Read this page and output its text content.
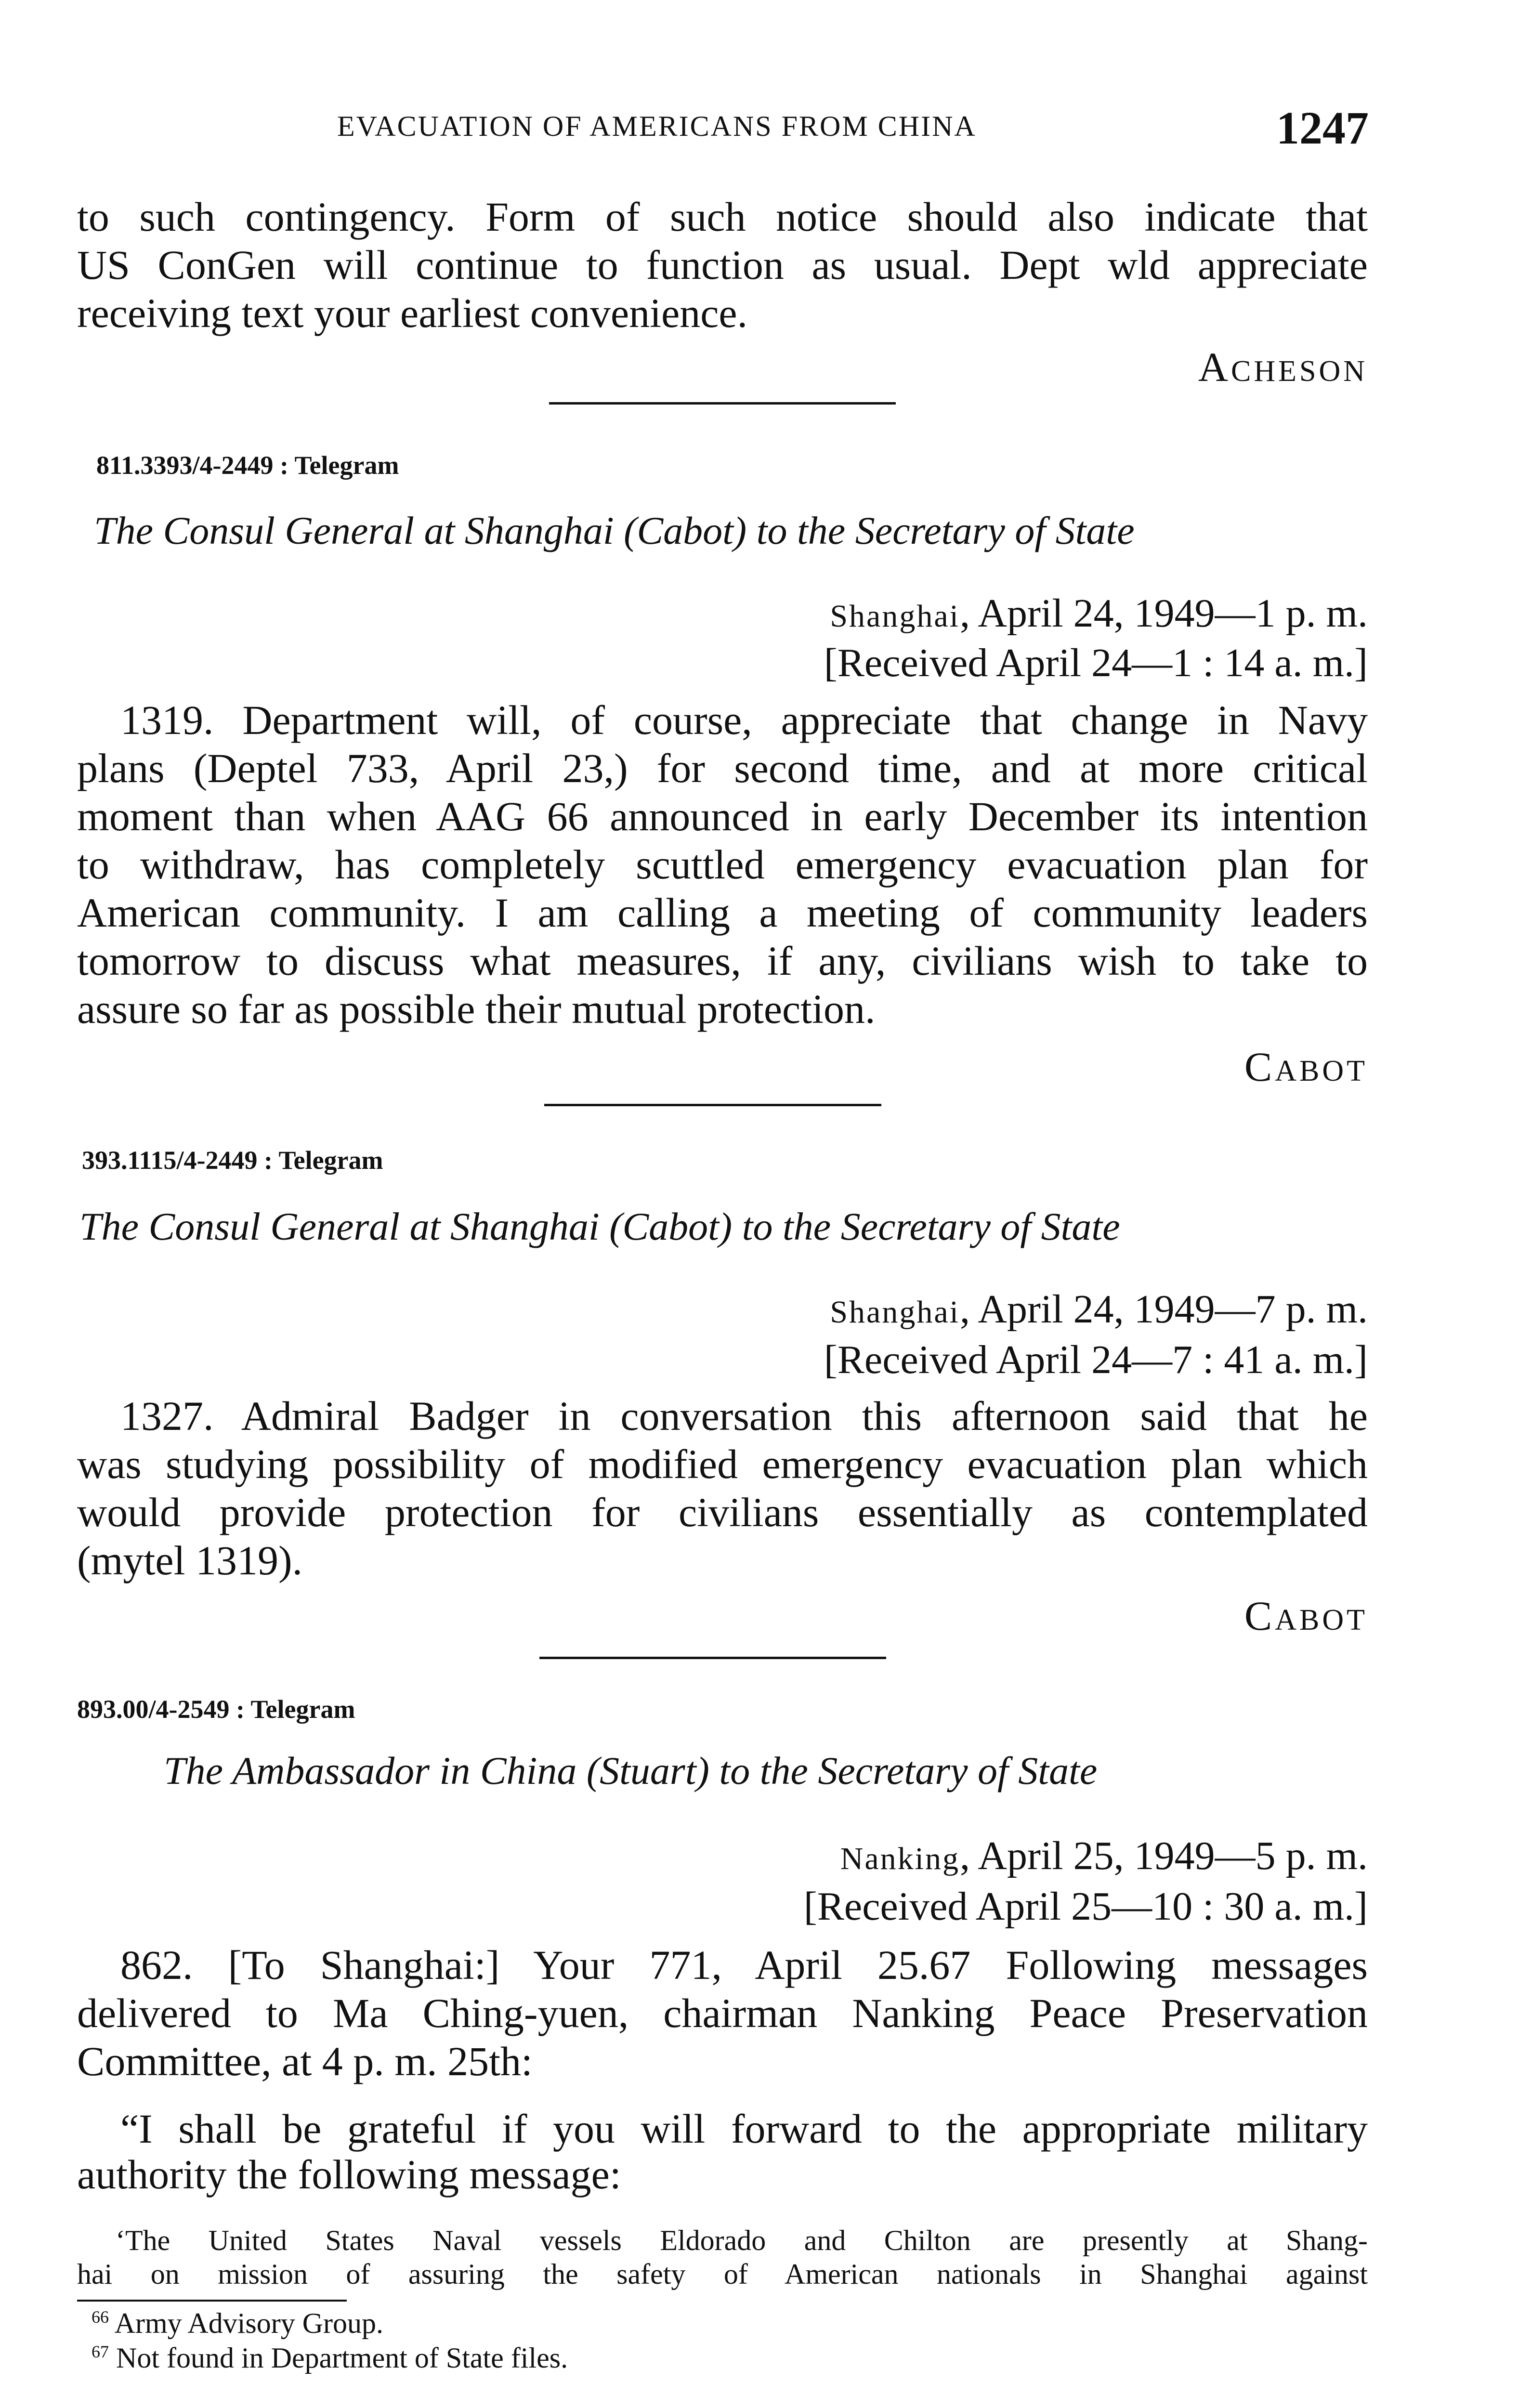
EVACUATION OF AMERICANS FROM CHINA	1247
to such contingency. Form of such notice should also indicate that
US ConGen will continue to function as usual. Dept wld appreciate
receiving text your earliest convenience.
ACHESON
811.3393/4-2449 : Telegram
The Consul General at Shanghai (Cabot) to the Secretary of State
Shanghai, April 24, 1949—1 p. m.
[Received April 24—1 : 14 a. m.]
1319. Department will, of course, appreciate that change in Navy
plans (Deptel 733, April 23,) for second time, and at more critical
moment than when AAG 66 announced in early December its intention
to withdraw, has completely scuttled emergency evacuation plan for
American community. I am calling a meeting of community leaders
tomorrow to discuss what measures, if any, civilians wish to take to
assure so far as possible their mutual protection.
CABOT
393.1115/4-2449 : Telegram
The Consul General at Shanghai (Cabot) to the Secretary of State
Shanghai, April 24, 1949—7 p. m.
[Received April 24—7 : 41 a. m.]
1327. Admiral Badger in conversation this afternoon said that he
was studying possibility of modified emergency evacuation plan which
would provide protection for civilians essentially as contemplated
(mytel 1319).
CABOT
893.00/4-2549 : Telegram
The Ambassador in China (Stuart) to the Secretary of State
Nanking, April 25, 1949—5 p. m.
[Received April 25—10 : 30 a. m.]
862. [To Shanghai:] Your 771, April 25.67 Following messages
delivered to Ma Ching-yuen, chairman Nanking Peace Preservation
Committee, at 4 p. m. 25th:
“I shall be grateful if you will forward to the appropriate military
authority the following message:
‘The United States Naval vessels Eldorado and Chilton are presently at Shang-
hai on mission of assuring the safety of American nationals in Shanghai against
$^{66}$ Army Advisory Group.
$^{67}$ Not found in Department of State files.
